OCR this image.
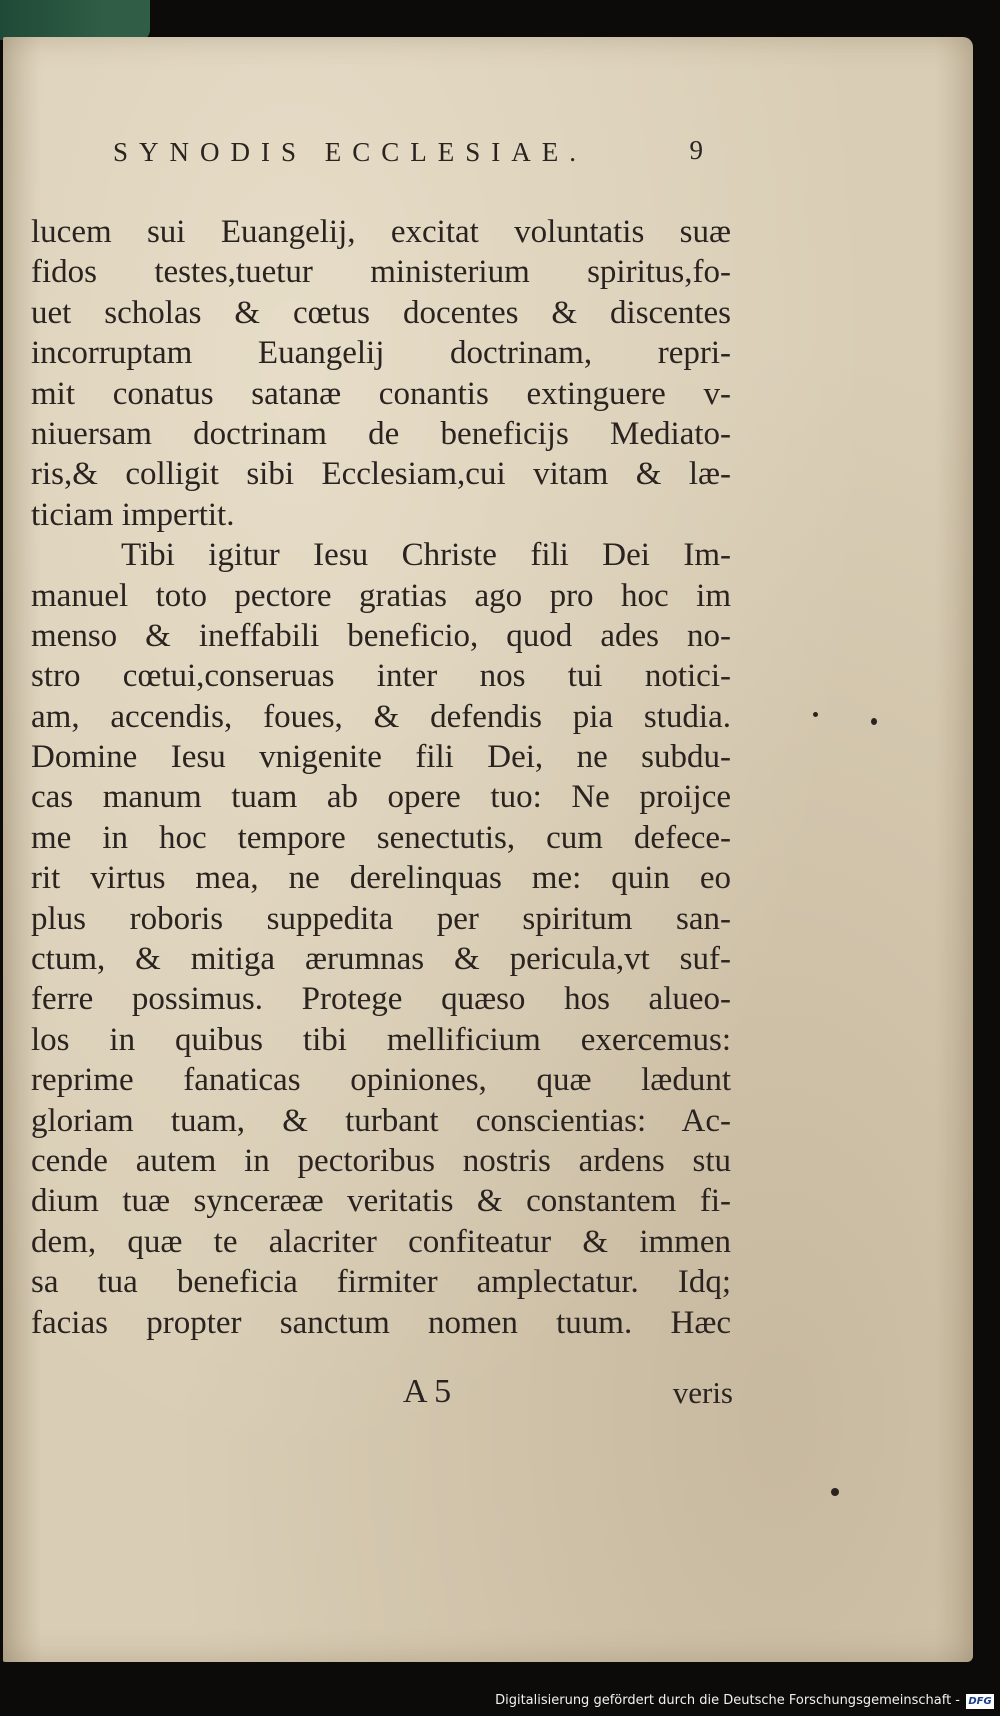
SYNODIS ECCLESIAE.	9
lucem sui Euangelij, excitat voluntatis suæ
fidos testes,tuetur ministerium spiritus,fo-
uet scholas & cœtus docentes & discentes
incorruptam Euangelij doctrinam, repri-
mit conatus satanæ conantis extinguere v-
niuersam doctrinam de beneficijs Mediato-
ris,& colligit sibi Ecclesiam,cui vitam & læ-
ticiam impertit.
Tibi igitur Iesu Christe fili Dei Im-
manuel toto pectore gratias ago pro hoc im
menso & ineffabili beneficio, quod ades no-
stro cœtui,conseruas inter nos tui notici-
am, accendis, foues, & defendis pia studia.
Domine Iesu vnigenite fili Dei, ne subdu-
cas manum tuam ab opere tuo: Ne proijce
me in hoc tempore senectutis, cum defece-
rit virtus mea, ne derelinquas me: quin eo
plus roboris suppedita per spiritum san-
ctum, & mitiga ærumnas & pericula,vt suf-
ferre possimus. Protege quæso hos alueo-
los in quibus tibi mellificium exercemus:
reprime fanaticas opiniones, quæ lædunt
gloriam tuam, & turbant conscientias: Ac-
cende autem in pectoribus nostris ardens stu
dium tuæ syncerææ veritatis & constantem fi-
dem, quæ te alacriter confiteatur & immen
sa tua beneficia firmiter amplectatur. Idq;
facias propter sanctum nomen tuum. Hæc
A 5	veris
Digitalisierung gefördert durch die Deutsche Forschungsgemeinschaft - DFG
